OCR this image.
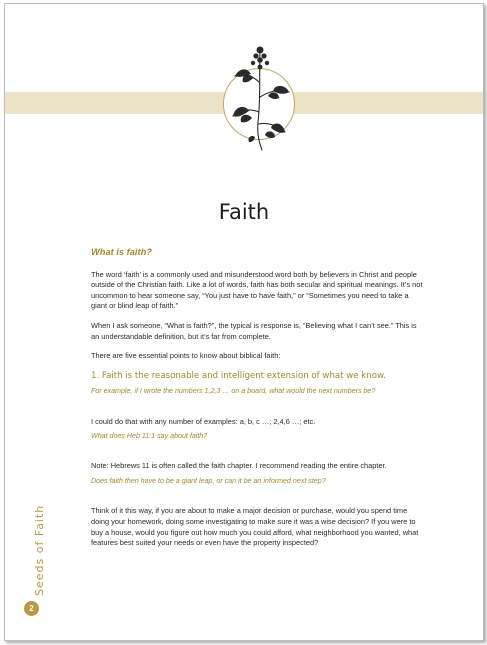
Faith

What is faith?

The word ‘faith’ is a commonly used and misunderstood word both by believers in Christ and people outside of the Christian faith. Like a lot of words, faith has both secular and spiritual meanings. It’s not uncommon to hear someone say, “You just have to have faith,” or “Sometimes you need to take a giant or blind leap of faith.”

When I ask someone, “What is faith?”, the typical is response is, “Believing what I can’t see.” This is an understandable definition, but it’s far from complete.

There are five essential points to know about biblical faith:

1. Faith is the reasonable and intelligent extension of what we know.

For example, if I wrote the numbers 1,2,3 … on a board, what would the next numbers be?

I could do that with any number of examples: a, b, c …; 2,4,6 …; etc.

What does Heb 11:1 say about faith?

Note: Hebrews 11 is often called the faith chapter. I recommend reading the entire chapter.

Does faith then have to be a giant leap, or can it be an informed next step?

Think of it this way, if you are about to make a major decision or purchase, would you spend time doing your homework, doing some investigating to make sure it was a wise decision? If you were to buy a house, would you figure out how much you could afford, what neighborhood you wanted, what features best suited your needs or even have the property inspected?

Seeds of Faith
2
